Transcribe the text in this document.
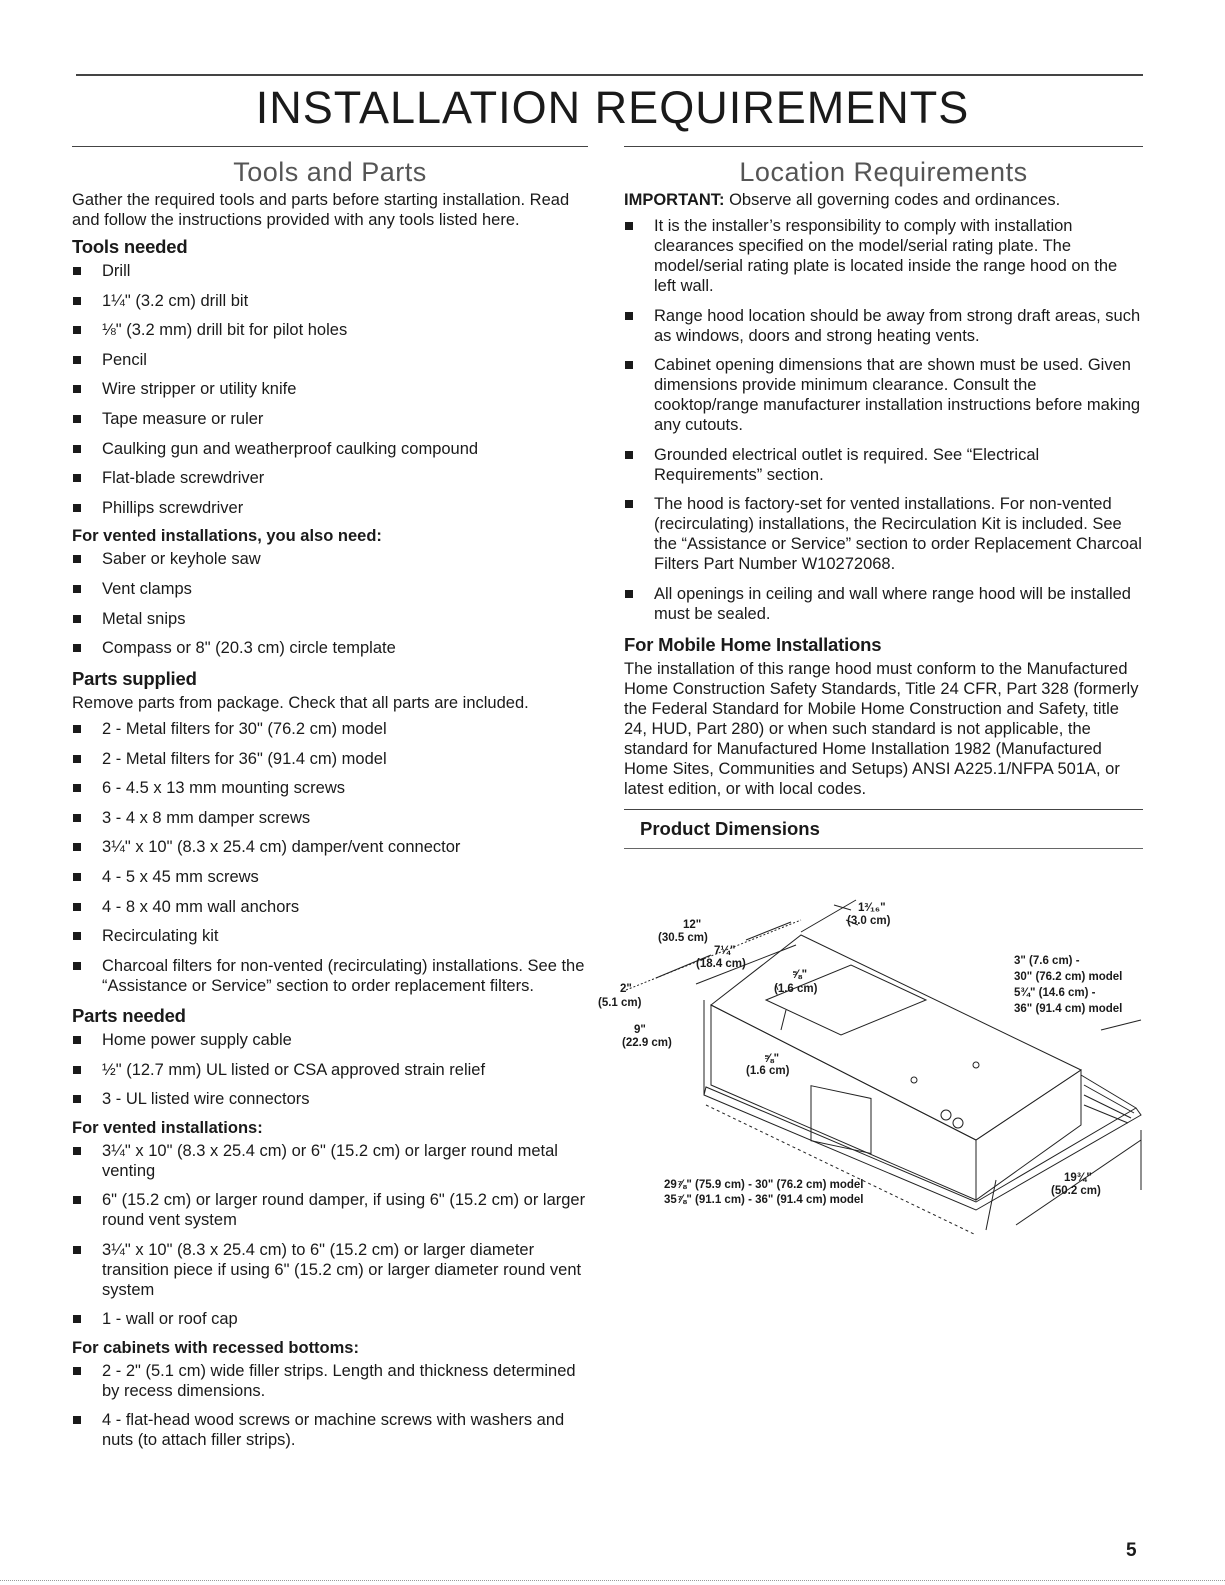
INSTALLATION REQUIREMENTS
Tools and Parts

Gather the required tools and parts before starting installation. Read and follow the instructions provided with any tools listed here.

Tools needed
Drill
1¼" (3.2 cm) drill bit
⅛" (3.2 mm) drill bit for pilot holes
Pencil
Wire stripper or utility knife
Tape measure or ruler
Caulking gun and weatherproof caulking compound
Flat-blade screwdriver
Phillips screwdriver
For vented installations, you also need:
Saber or keyhole saw
Vent clamps
Metal snips
Compass or 8" (20.3 cm) circle template
Parts supplied

Remove parts from package. Check that all parts are included.

2 - Metal filters for 30" (76.2 cm) model
2 - Metal filters for 36" (91.4 cm) model
6 - 4.5 x 13 mm mounting screws
3 - 4 x 8 mm damper screws
3¼" x 10" (8.3 x 25.4 cm) damper/vent connector
4 - 5 x 45 mm screws
4 - 8 x 40 mm wall anchors
Recirculating kit
Charcoal filters for non-vented (recirculating) installations. See the “Assistance or Service” section to order replacement filters.
Parts needed
Home power supply cable
½" (12.7 mm) UL listed or CSA approved strain relief
3 - UL listed wire connectors
For vented installations:
3¼" x 10" (8.3 x 25.4 cm) or 6" (15.2 cm) or larger round metal venting
6" (15.2 cm) or larger round damper, if using 6" (15.2 cm) or larger round vent system
3¼" x 10" (8.3 x 25.4 cm) to 6" (15.2 cm) or larger diameter transition piece if using 6" (15.2 cm) or larger diameter round vent system
1 - wall or roof cap
For cabinets with recessed bottoms:
2 - 2" (5.1 cm) wide filler strips. Length and thickness determined by recess dimensions.
4 - flat-head wood screws or machine screws with washers and nuts (to attach filler strips).
Location Requirements

IMPORTANT: Observe all governing codes and ordinances.

It is the installer’s responsibility to comply with installation clearances specified on the model/serial rating plate. The model/serial rating plate is located inside the range hood on the left wall.
Range hood location should be away from strong draft areas, such as windows, doors and strong heating vents.
Cabinet opening dimensions that are shown must be used. Given dimensions provide minimum clearance. Consult the cooktop/range manufacturer installation instructions before making any cutouts.
Grounded electrical outlet is required. See “Electrical Requirements” section.
The hood is factory-set for vented installations. For non-vented (recirculating) installations, the Recirculation Kit is included. See the “Assistance or Service” section to order Replacement Charcoal Filters Part Number W10272068.
All openings in ceiling and wall where range hood will be installed must be sealed.
For Mobile Home Installations

The installation of this range hood must conform to the Manufactured Home Construction Safety Standards, Title 24 CFR, Part 328 (formerly the Federal Standard for Mobile Home Construction and Safety, title 24, HUD, Part 280) or when such standard is not applicable, the standard for Manufactured Home Installation 1982 (Manufactured Home Sites, Communities and Setups) ANSI A225.1/NFPA 501A, or latest edition, or with local codes.

Product Dimensions
12"
(30.5 cm)
7¼"
(18.4 cm)
2"
(5.1 cm)
9"
(22.9 cm)
1³⁄₁₆"
(3.0 cm)
⅝"
(1.6 cm)
⅝"
(1.6 cm)
3" (7.6 cm) -
30" (76.2 cm) model
5¾" (14.6 cm) -
36" (91.4 cm) model
29⅞" (75.9 cm) - 30" (76.2 cm) model
35⅞" (91.1 cm) - 36" (91.4 cm) model
19¾"
(50.2 cm)
5
